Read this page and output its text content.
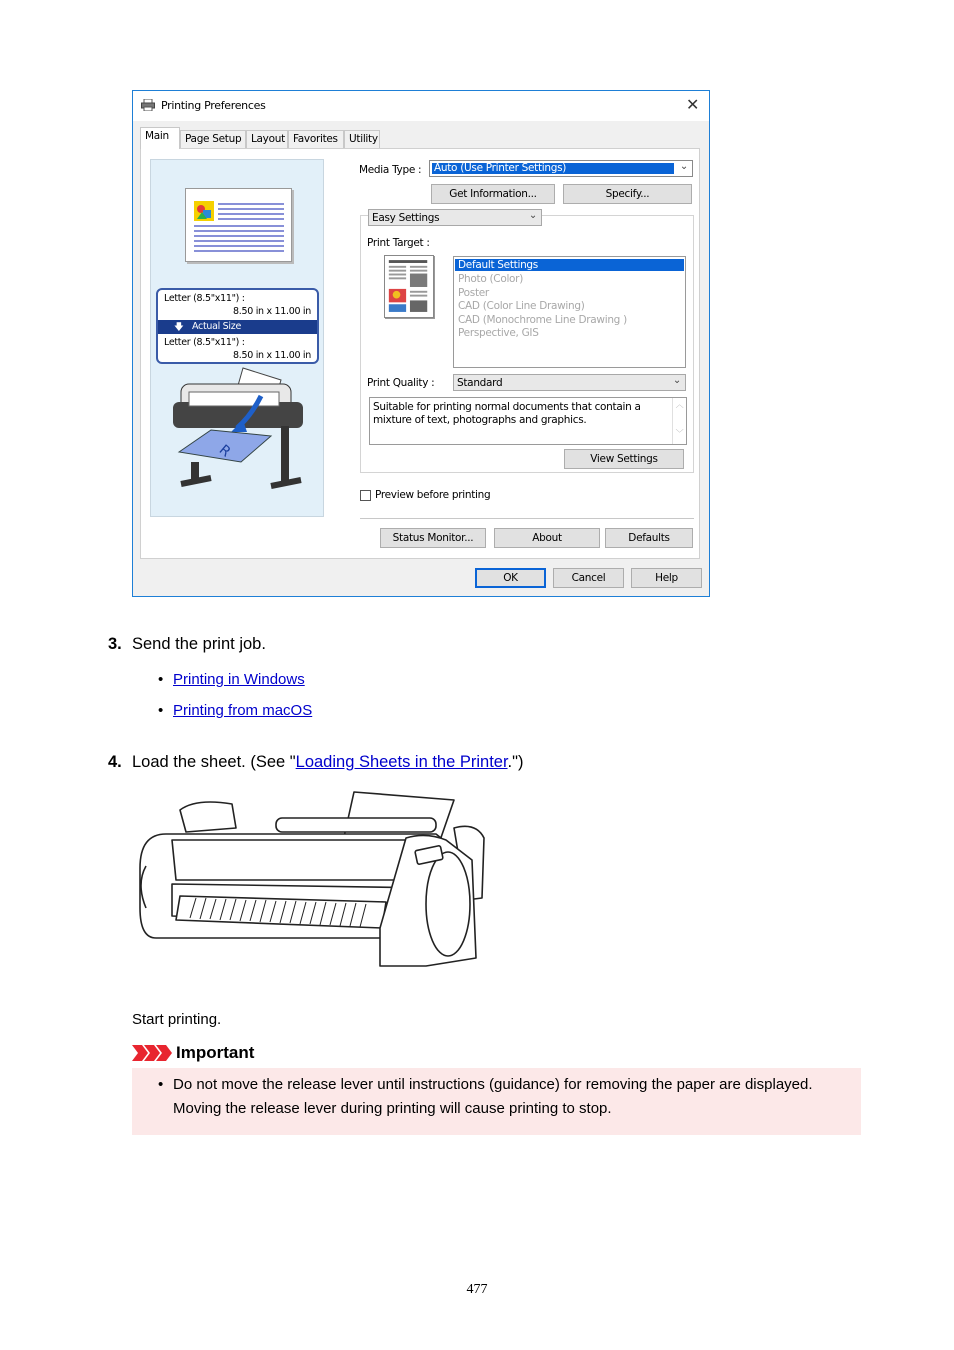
Printing Preferences	✕
Main	Page Setup Layout Favorites	Utility
Letter (8.5"x11") :
8.50 in x 11.00 in
🡇 Actual Size
Letter (8.5"x11") :
8.50 in x 11.00 in
R
Media Type : Auto (Use Printer Settings)	⌄
Get Information...	Specify...
Easy Settings	⌄
Print Target :
Default Settings
Photo (Color)
Poster
CAD (Color Line Drawing)
CAD (Monochrome Line Drawing )
Perspective, GIS
Print Quality : Standard	⌄
Suitable for printing normal documents that contain a mixture of text, photographs and graphics.
︿
﹀
View Settings
Preview before printing
Status Monitor...	About	Defaults
OK	Cancel	Help
3. Send the print job.
• Printing in Windows
• Printing from macOS
4. Load the sheet. (See "Loading Sheets in the Printer.")
Start printing.
Important
• Do not move the release lever until instructions (guidance) for removing the paper are displayed.
Moving the release lever during printing will cause printing to stop.
477
